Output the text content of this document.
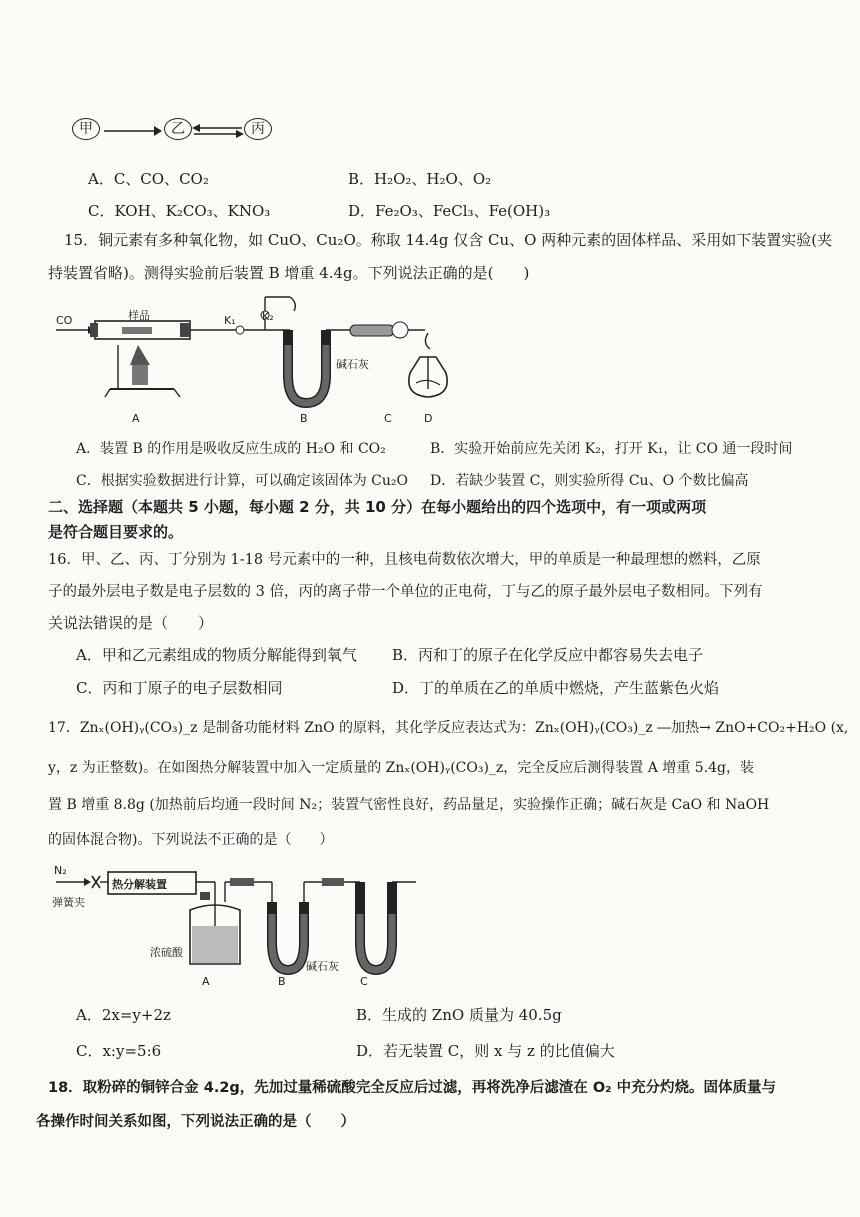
甲	乙	丙
A．C、CO、CO₂	B．H₂O₂、H₂O、O₂
C．KOH、K₂CO₃、KNO₃	D．Fe₂O₃、FeCl₃、Fe(OH)₃
15．铜元素有多种氧化物，如 CuO、Cu₂O。称取 14.4g 仅含 Cu、O 两种元素的固体样品、采用如下装置实验(夹
持装置省略)。测得实验前后装置 B 增重 4.4g。下列说法正确的是(　　)
CO	样品	K₁ K₂
碱石灰
A	B	C	D
A．装置 B 的作用是吸收反应生成的 H₂O 和 CO₂	B．实验开始前应先关闭 K₂，打开 K₁，让 CO 通一段时间
C．根据实验数据进行计算，可以确定该固体为 Cu₂O D．若缺少装置 C，则实验所得 Cu、O 个数比偏高
二、选择题（本题共 5 小题，每小题 2 分，共 10 分）在每小题给出的四个选项中，有一项或两项
是符合题目要求的。
16．甲、乙、丙、丁分别为 1-18 号元素中的一种，且核电荷数依次增大，甲的单质是一种最理想的燃料，乙原
子的最外层电子数是电子层数的 3 倍，丙的离子带一个单位的正电荷，丁与乙的原子最外层电子数相同。下列有
关说法错误的是（　　）
A．甲和乙元素组成的物质分解能得到氧气 B．丙和丁的原子在化学反应中都容易失去电子
C．丙和丁原子的电子层数相同	D．丁的单质在乙的单质中燃烧，产生蓝紫色火焰
17．Znₓ(OH)ᵧ(CO₃)_z 是制备功能材料 ZnO 的原料，其化学反应表达式为：Znₓ(OH)ᵧ(CO₃)_z ―加热→ ZnO+CO₂+H₂O (x,
y，z 为正整数)。在如图热分解装置中加入一定质量的 Znₓ(OH)ᵧ(CO₃)_z，完全反应后测得装置 A 增重 5.4g，装
置 B 增重 8.8g (加热前后均通一段时间 N₂；装置气密性良好，药品量足，实验操作正确；碱石灰是 CaO 和 NaOH
的固体混合物)。下列说法不正确的是（　　）
N₂
弹簧夹
热分解装置
浓硫酸
碱石灰
A	B	C
A．2x=y+2z	B．生成的 ZnO 质量为 40.5g
C．x:y=5:6	D．若无装置 C，则 x 与 z 的比值偏大
18．取粉碎的铜锌合金 4.2g，先加过量稀硫酸完全反应后过滤，再将洗净后滤渣在 O₂ 中充分灼烧。固体质量与
各操作时间关系如图，下列说法正确的是（　　）
